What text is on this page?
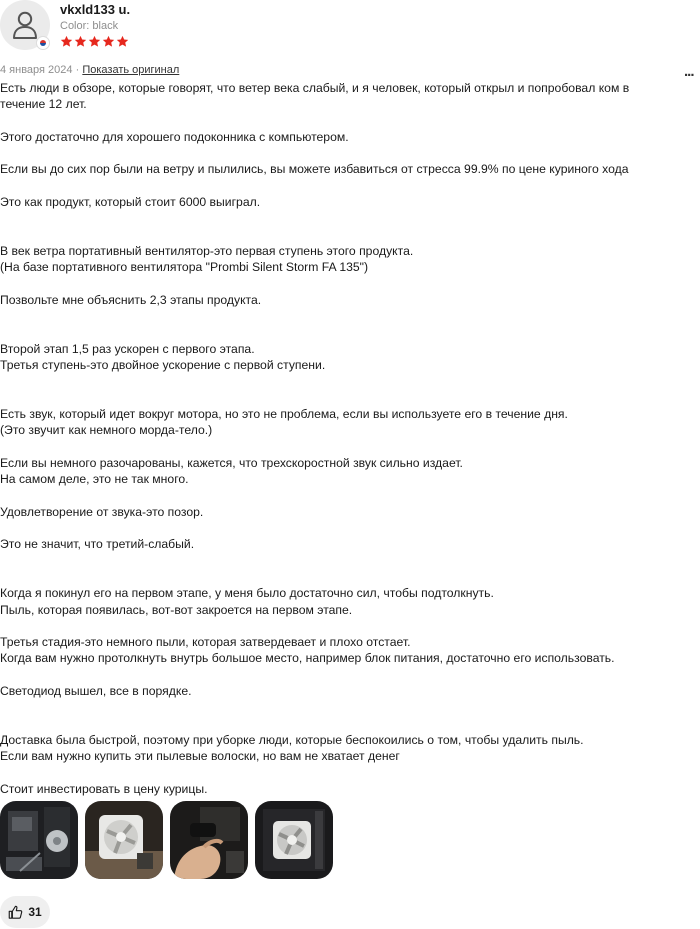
vkxld133 u.
Color: black
4 января 2024 · Показать оригинал	...

Есть люди в обзоре, которые говорят, что ветер века слабый, и я человек, который открыл и попробовал ком в течение 12 лет.

Этого достаточно для хорошего подоконника с компьютером.

Если вы до сих пор были на ветру и пылились, вы можете избавиться от стресса 99.9% по цене куриного хода

Это как продукт, который стоит 6000 выиграл.

В век ветра портативный вентилятор-это первая ступень этого продукта.
(На базе портативного вентилятора "Prombi Silent Storm FA 135")

Позвольте мне объяснить 2,3 этапы продукта.

Второй этап 1,5 раз ускорен с первого этапа.
Третья ступень-это двойное ускорение с первой ступени.

Есть звук, который идет вокруг мотора, но это не проблема, если вы используете его в течение дня.
(Это звучит как немного морда-тело.)

Если вы немного разочарованы, кажется, что трехскоростной звук сильно издает.
На самом деле, это не так много.

Удовлетворение от звука-это позор.

Это не значит, что третий-слабый.

Когда я покинул его на первом этапе, у меня было достаточно сил, чтобы подтолкнуть.
Пыль, которая появилась, вот-вот закроется на первом этапе.

Третья стадия-это немного пыли, которая затвердевает и плохо отстает.
Когда вам нужно протолкнуть внутрь большое место, например блок питания, достаточно его использовать.

Светодиод вышел, все в порядке.

Доставка была быстрой, поэтому при уборке люди, которые беспокоились о том, чтобы удалить пыль.
Если вам нужно купить эти пылевые волоски, но вам не хватает денег

Стоит инвестировать в цену курицы.

31
